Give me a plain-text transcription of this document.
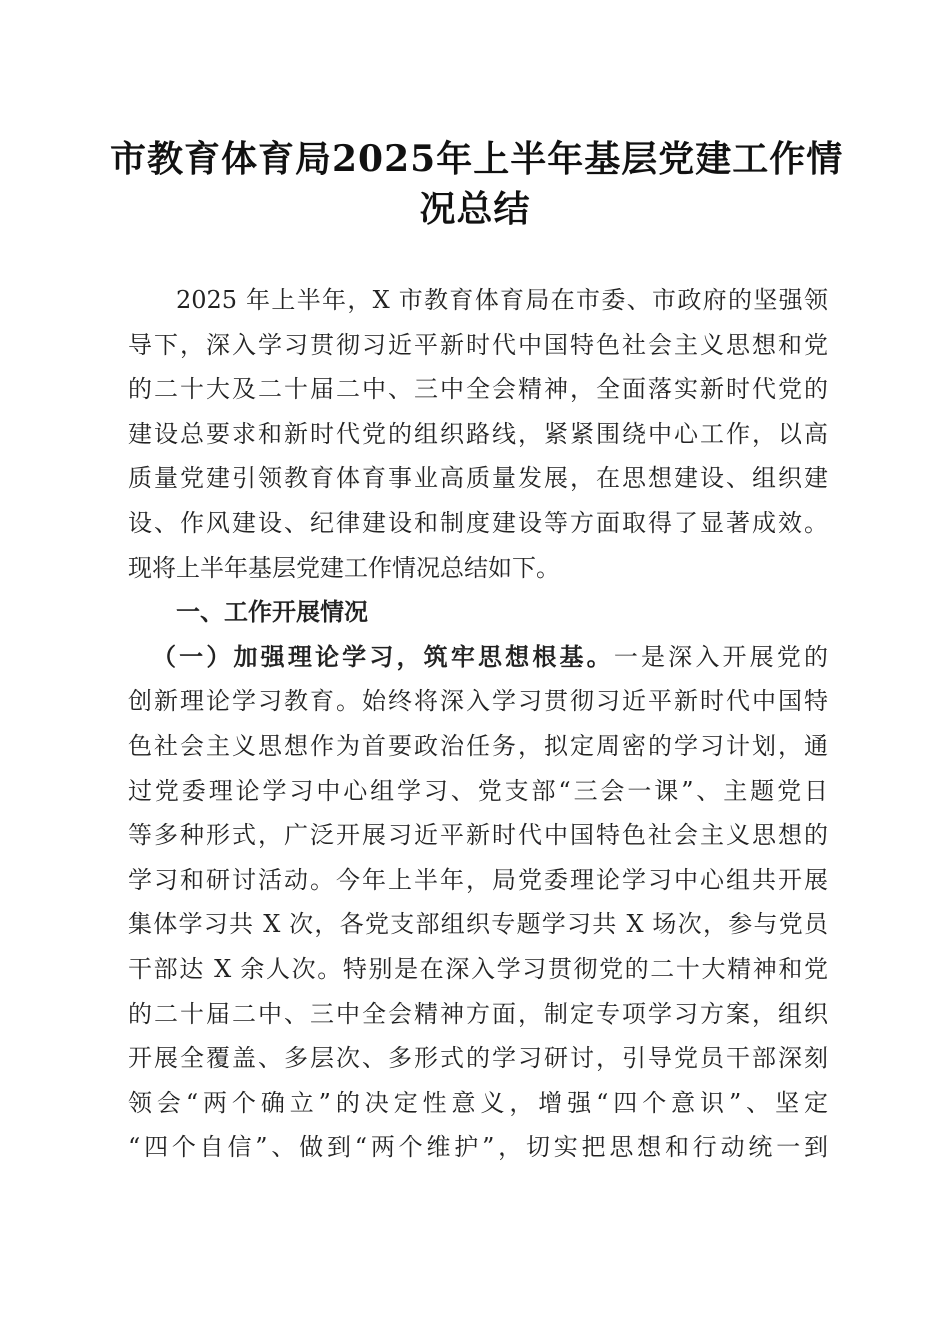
市教育体育局2025年上半年基层党建工作情
况总结
2025 年上半年，X 市教育体育局在市委、市政府的坚强领
导下，深入学习贯彻习近平新时代中国特色社会主义思想和党
的二十大及二十届二中、三中全会精神，全面落实新时代党的
建设总要求和新时代党的组织路线，紧紧围绕中心工作，以高
质量党建引领教育体育事业高质量发展，在思想建设、组织建
设、作风建设、纪律建设和制度建设等方面取得了显著成效。
现将上半年基层党建工作情况总结如下。
一、工作开展情况
（一）加强理论学习，筑牢思想根基。一是深入开展党的
创新理论学习教育。始终将深入学习贯彻习近平新时代中国特
色社会主义思想作为首要政治任务，拟定周密的学习计划，通
过党委理论学习中心组学习、党支部“三会一课”、主题党日
等多种形式，广泛开展习近平新时代中国特色社会主义思想的
学习和研讨活动。今年上半年，局党委理论学习中心组共开展
集体学习共 X 次，各党支部组织专题学习共 X 场次，参与党员
干部达 X 余人次。特别是在深入学习贯彻党的二十大精神和党
的二十届二中、三中全会精神方面，制定专项学习方案，组织
开展全覆盖、多层次、多形式的学习研讨，引导党员干部深刻
领会“两个确立”的决定性意义，增强“四个意识”、坚定
“四个自信”、做到“两个维护”，切实把思想和行动统一到
